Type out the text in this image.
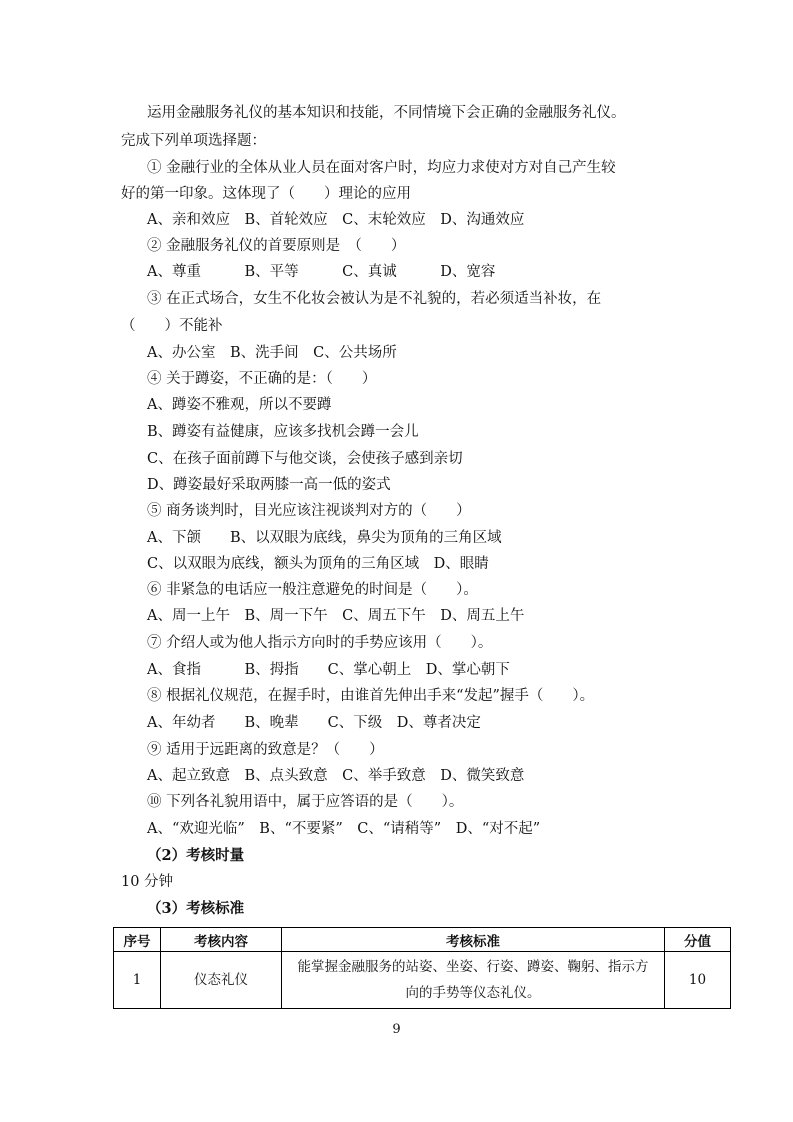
运用金融服务礼仪的基本知识和技能，不同情境下会正确的金融服务礼仪。
完成下列单项选择题：
① 金融行业的全体从业人员在面对客户时，均应力求使对方对自己产生较
好的第一印象。这体现了（　　）理论的应用
A、亲和效应　B、首轮效应　C、末轮效应　D、沟通效应
② 金融服务礼仪的首要原则是　（　　）
A、尊重　　　B、平等　　　C、真诚　　　D、宽容
③ 在正式场合，女生不化妆会被认为是不礼貌的，若必须适当补妆，在
（　　）不能补
A、办公室　B、洗手间　C、公共场所
④ 关于蹲姿，不正确的是：（　　）
A、蹲姿不雅观，所以不要蹲
B、蹲姿有益健康，应该多找机会蹲一会儿
C、在孩子面前蹲下与他交谈，会使孩子感到亲切
D、蹲姿最好采取两膝一高一低的姿式
⑤ 商务谈判时，目光应该注视谈判对方的（　　）
A、下颌　　B、以双眼为底线，鼻尖为顶角的三角区域
C、以双眼为底线，额头为顶角的三角区域　D、眼睛
⑥ 非紧急的电话应一般注意避免的时间是（　　）。
A、周一上午　B、周一下午　C、周五下午　D、周五上午
⑦ 介绍人或为他人指示方向时的手势应该用（　　）。
A、食指　　　B、拇指　　C、掌心朝上　D、掌心朝下
⑧ 根据礼仪规范，在握手时，由谁首先伸出手来“发起”握手（　　）。
A、年幼者　　B、晚辈　　C、下级　D、尊者决定
⑨ 适用于远距离的致意是？（　　）
A、起立致意　B、点头致意　C、举手致意　D、微笑致意
⑩ 下列各礼貌用语中，属于应答语的是（　　）。
A、“欢迎光临”　B、“不要紧”　C、“请稍等”　D、“对不起”
（2）考核时量
10 分钟
（3）考核标准
序号	考核内容	考核标准	分值
1	仪态礼仪	能掌握金融服务的站姿、坐姿、行姿、蹲姿、鞠躬、指示方向的手势等仪态礼仪。	10
9
